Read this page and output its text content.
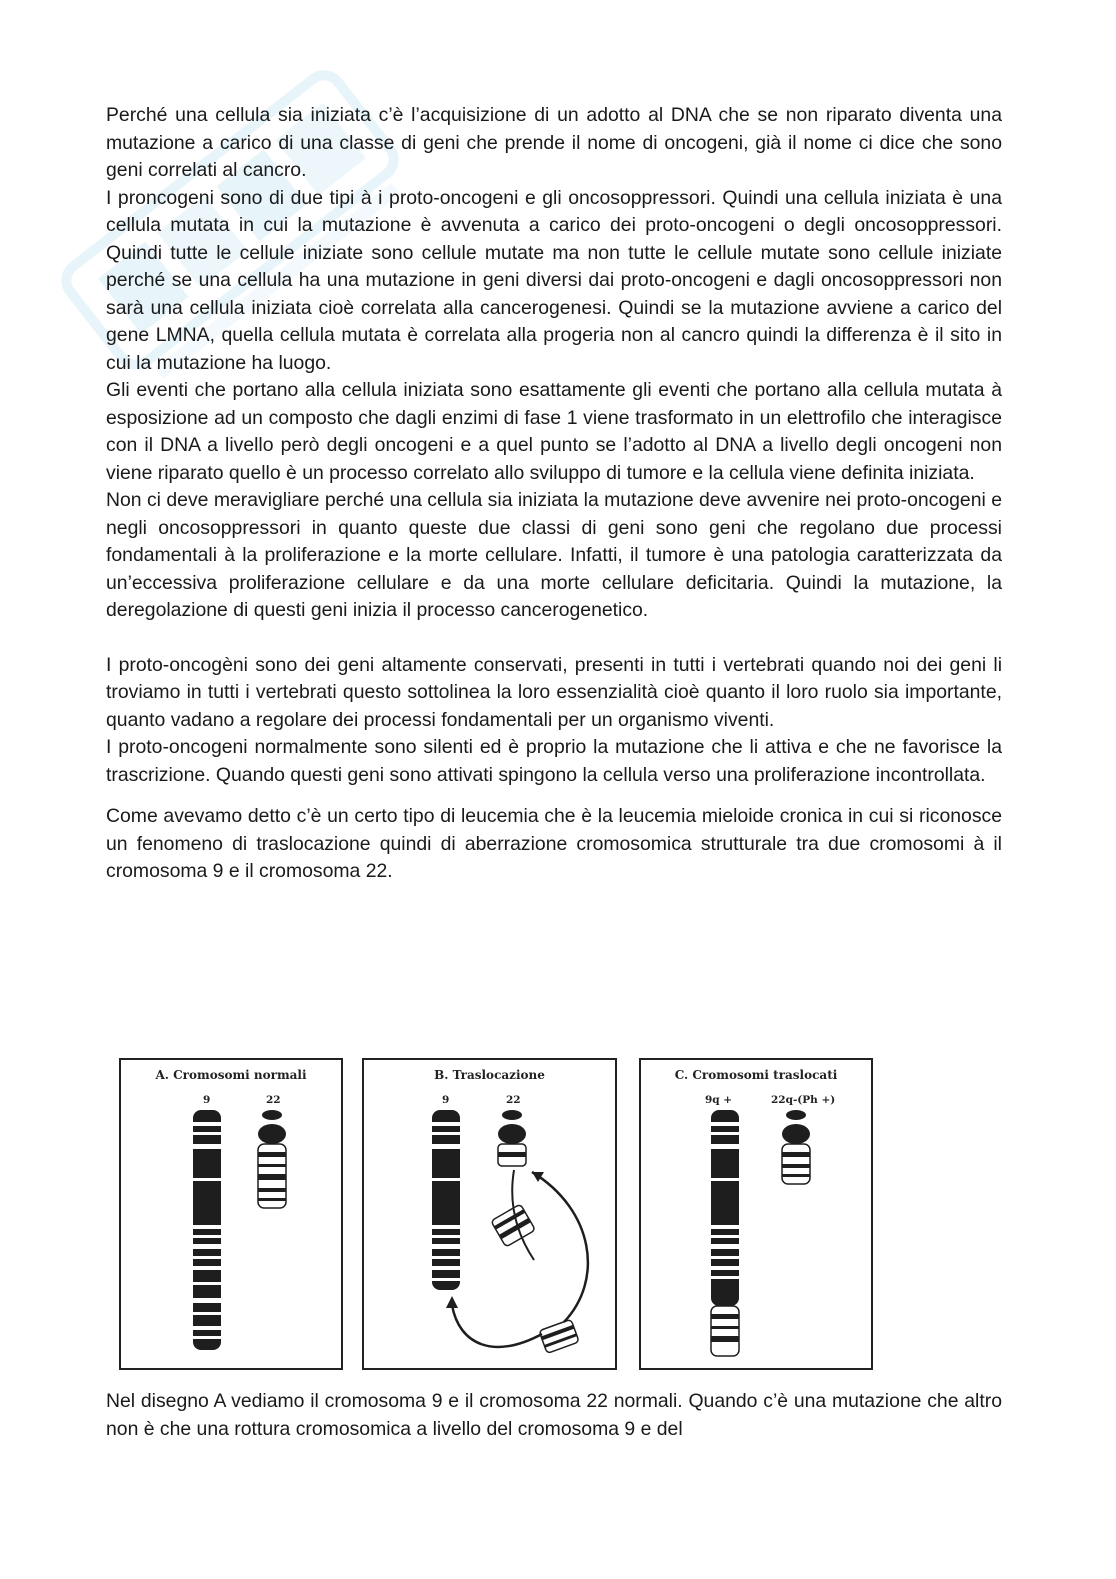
Perché una cellula sia iniziata c’è l’acquisizione di un adotto al DNA che se non riparato diventa una mutazione a carico di una classe di geni che prende il nome di oncogeni, già il nome ci dice che sono geni correlati al cancro.

I proncogeni sono di due tipi à i proto-oncogeni e gli oncosoppressori. Quindi una cellula iniziata è una cellula mutata in cui la mutazione è avvenuta a carico dei proto-oncogeni o degli oncosoppressori. Quindi tutte le cellule iniziate sono cellule mutate ma non tutte le cellule mutate sono cellule iniziate perché se una cellula ha una mutazione in geni diversi dai proto-oncogeni e dagli oncosoppressori non sarà una cellula iniziata cioè correlata alla cancerogenesi. Quindi se la mutazione avviene a carico del gene LMNA, quella cellula mutata è correlata alla progeria non al cancro quindi la differenza è il sito in cui la mutazione ha luogo.

Gli eventi che portano alla cellula iniziata sono esattamente gli eventi che portano alla cellula mutata à esposizione ad un composto che dagli enzimi di fase 1 viene trasformato in un elettrofilo che interagisce con il DNA a livello però degli oncogeni e a quel punto se l’adotto al DNA a livello degli oncogeni non viene riparato quello è un processo correlato allo sviluppo di tumore e la cellula viene definita iniziata.

Non ci deve meravigliare perché una cellula sia iniziata la mutazione deve avvenire nei proto-oncogeni e negli oncosoppressori in quanto queste due classi di geni sono geni che regolano due processi fondamentali à la proliferazione e la morte cellulare. Infatti, il tumore è una patologia caratterizzata da un’eccessiva proliferazione cellulare e da una morte cellulare deficitaria. Quindi la mutazione, la deregolazione di questi geni inizia il processo cancerogenetico.

I proto-oncogèni sono dei geni altamente conservati, presenti in tutti i vertebrati quando noi dei geni li troviamo in tutti i vertebrati questo sottolinea la loro essenzialità cioè quanto il loro ruolo sia importante, quanto vadano a regolare dei processi fondamentali per un organismo viventi.

I proto-oncogeni normalmente sono silenti ed è proprio la mutazione che li attiva e che ne favorisce la trascrizione. Quando questi geni sono attivati spingono la cellula verso una proliferazione incontrollata.

Come avevamo detto c’è un certo tipo di leucemia che è la leucemia mieloide cronica in cui si riconosce un fenomeno di traslocazione quindi di aberrazione cromosomica strutturale tra due cromosomi à il cromosoma 9 e il cromosoma 22.

A. Cromosomi normali
9	22
B. Traslocazione
9	22
C. Cromosomi traslocati
9q +	22q-(Ph +)

Nel disegno A vediamo il cromosoma 9 e il cromosoma 22 normali. Quando c’è una mutazione che altro non è che una rottura cromosomica a livello del cromosoma 9 e del
